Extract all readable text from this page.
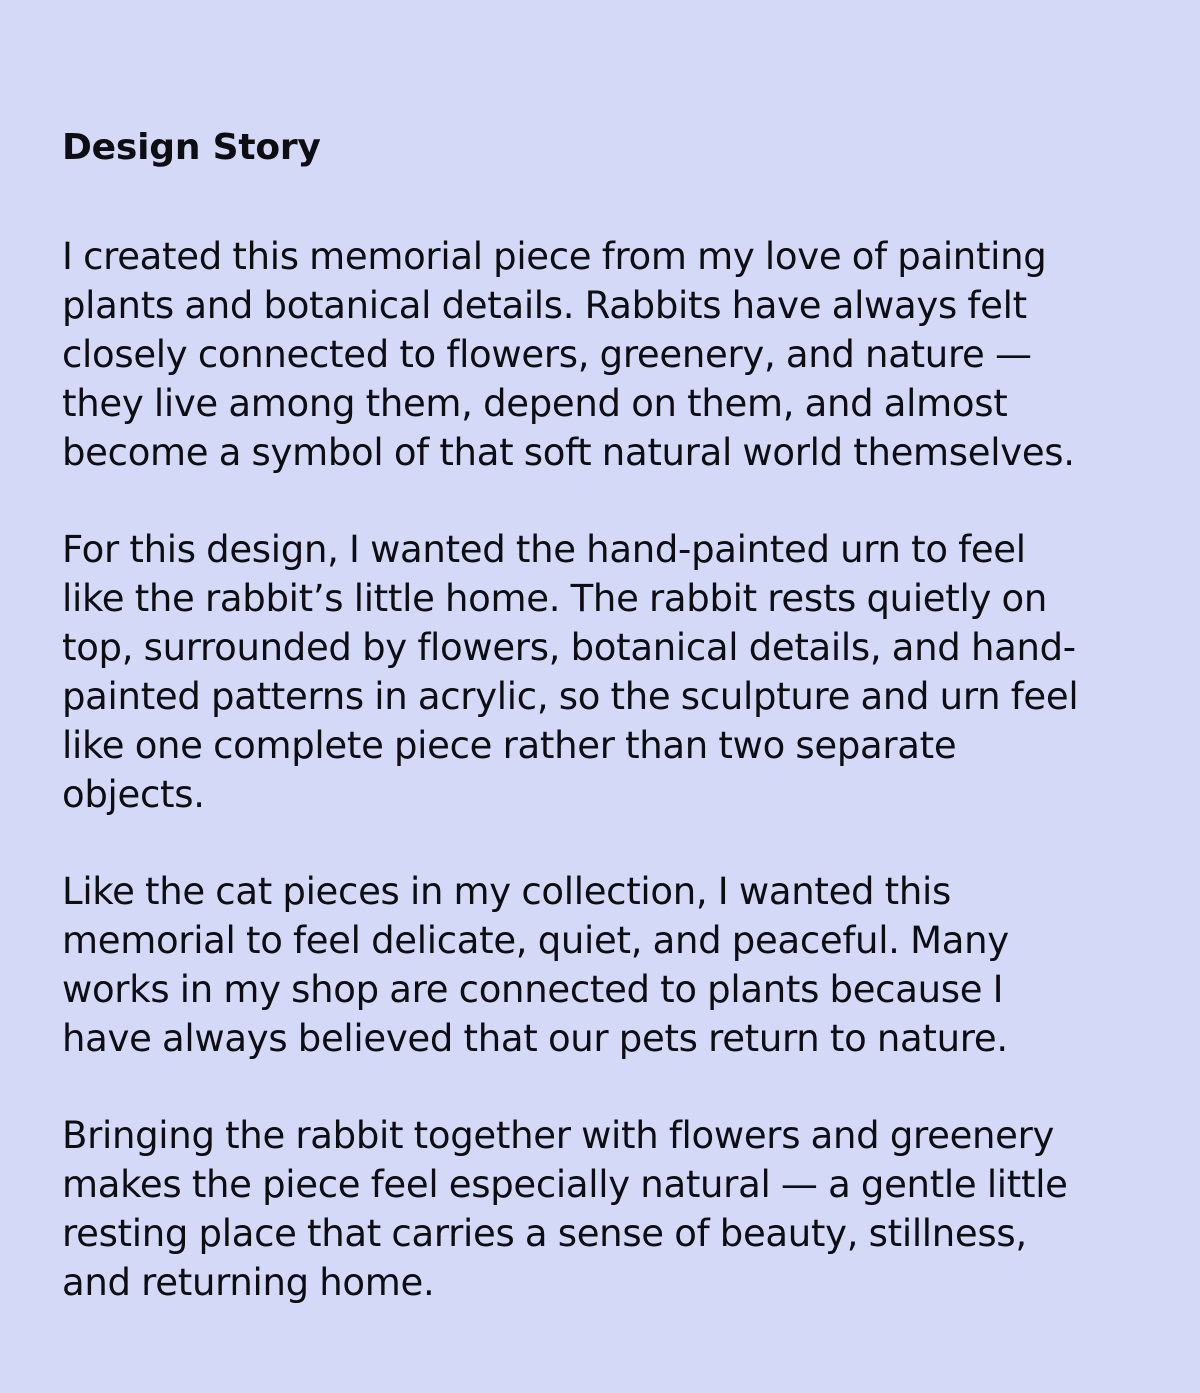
Design Story

I created this memorial piece from my love of painting
plants and botanical details. Rabbits have always felt
closely connected to flowers, greenery, and nature —
they live among them, depend on them, and almost
become a symbol of that soft natural world themselves.

For this design, I wanted the hand-painted urn to feel
like the rabbit’s little home. The rabbit rests quietly on
top, surrounded by flowers, botanical details, and hand-
painted patterns in acrylic, so the sculpture and urn feel
like one complete piece rather than two separate
objects.

Like the cat pieces in my collection, I wanted this
memorial to feel delicate, quiet, and peaceful. Many
works in my shop are connected to plants because I
have always believed that our pets return to nature.

Bringing the rabbit together with flowers and greenery
makes the piece feel especially natural — a gentle little
resting place that carries a sense of beauty, stillness,
and returning home.
